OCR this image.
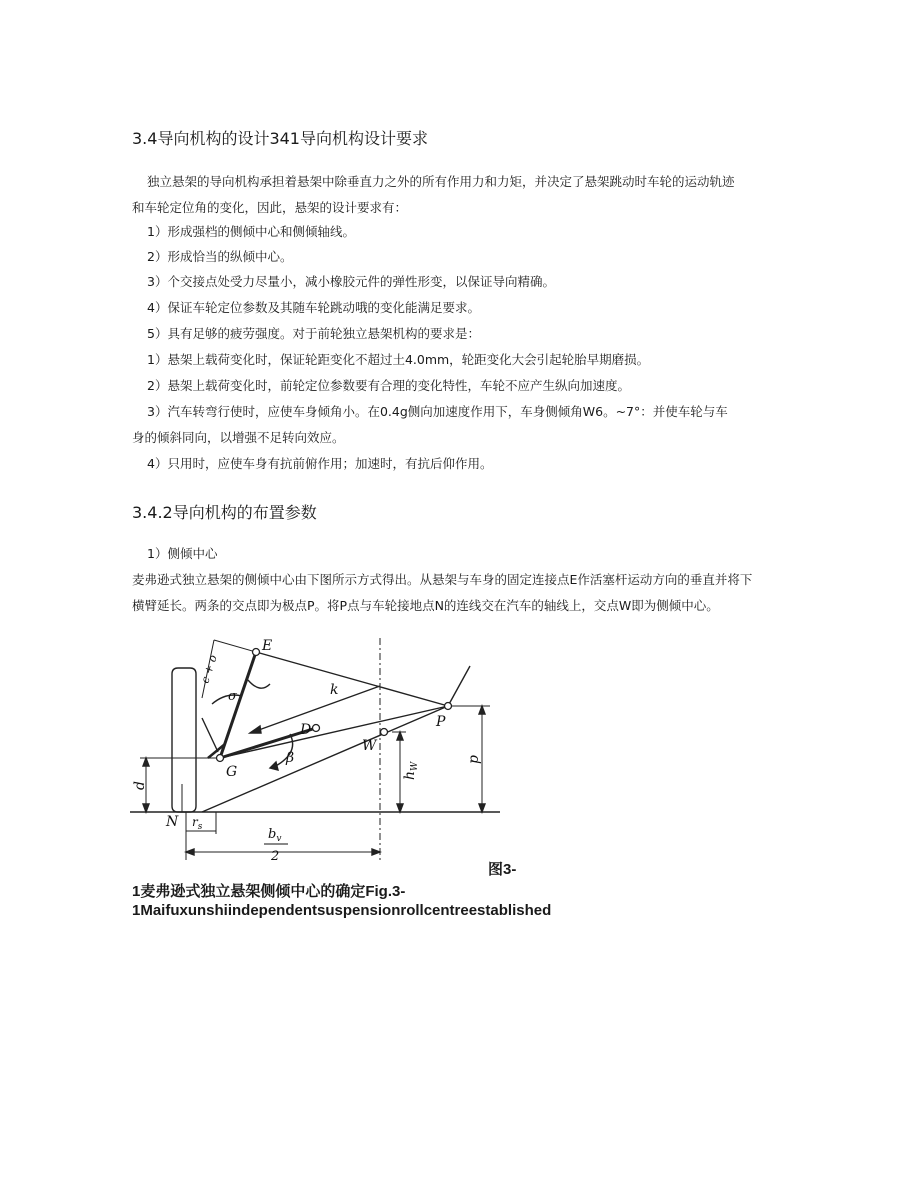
3.4导向机构的设计341导向机构设计要求
独立悬架的导向机构承担着悬架中除垂直力之外的所有作用力和力矩，并决定了悬架跳动时车轮的运动轨迹
和车轮定位角的变化，因此，悬架的设计要求有：
1）形成强档的侧倾中心和侧倾轴线。
2）形成恰当的纵倾中心。
3）个交接点处受力尽量小，减小橡胶元件的弹性形变，以保证导向精确。
4）保证车轮定位参数及其随车轮跳动哦的变化能满足要求。
5）具有足够的疲劳强度。对于前轮独立悬架机构的要求是：
1）悬架上载荷变化时，保证轮距变化不超过土4.0mm，轮距变化大会引起轮胎早期磨损。
2）悬架上载荷变化时，前轮定位参数要有合理的变化特性，车轮不应产生纵向加速度。
3）汽车转弯行使时，应使车身倾角小。在0.4g侧向加速度作用下，车身侧倾角W6。~7°：并使车轮与车
身的倾斜同向，以增强不足转向效应。
4）只用时，应使车身有抗前俯作用；加速时，有抗后仰作用。
3.4.2导向机构的布置参数
1）侧倾中心
麦弗逊式独立悬架的侧倾中心由下图所示方式得出。从悬架与车身的固定连接点E作活塞杆运动方向的垂直并将下
横臂延长。两条的交点即为极点P。将P点与车轮接地点N的连线交在汽车的轴线上，交点W即为侧倾中心。
E
σ
c + o
k
D	P
W
G
β
d
$h_W$
p
N $r_s$	$b_v$
2
图3-
1麦弗逊式独立悬架侧倾中心的确定Fig.3-
1Maifuxunshiindependentsuspensionrollcentreestablished
